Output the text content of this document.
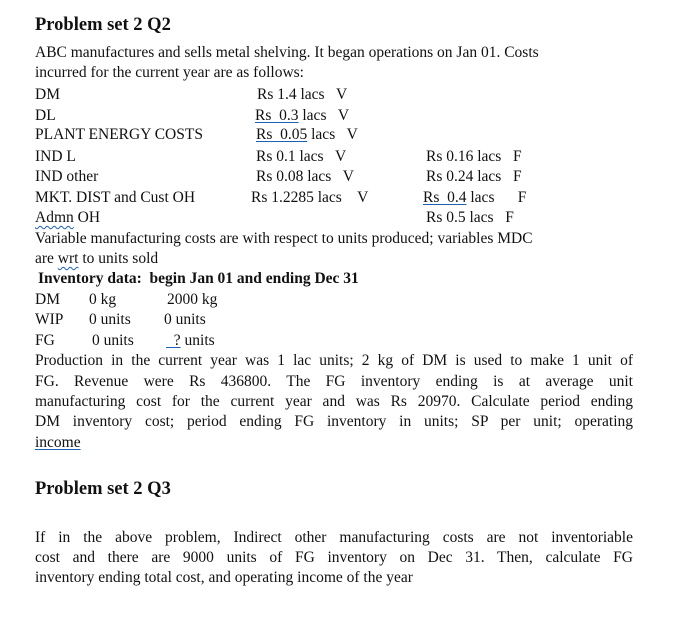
Problem set 2 Q2
ABC manufactures and sells metal shelving. It began operations on Jan 01. Costs
incurred for the current year are as follows:
DM	Rs 1.4 lacs   V
DL	Rs  0.3 lacs   V
PLANT ENERGY COSTS	Rs  0.05 lacs   V
IND L	Rs 0.1 lacs   V	Rs 0.16 lacs   F
IND other	Rs 0.08 lacs   V	Rs 0.24 lacs   F
MKT. DIST and Cust OH	Rs 1.2285 lacs    V	Rs  0.4 lacs      F
Admn OH	Rs 0.5 lacs   F
Variable manufacturing costs are with respect to units produced; variables MDC
are wrt to units sold
Inventory data:  begin Jan 01 and ending Dec 31
DM 0 kg	2000 kg
WIP 0 units 0 units
FG 0 units ? units
Production in the current year was 1 lac units; 2 kg of DM is used to make 1 unit of
FG. Revenue were Rs 436800. The FG inventory ending is at average unit
manufacturing cost for the current year and was Rs 20970. Calculate period ending
DM inventory cost; period ending FG inventory in units; SP per unit; operating
income
Problem set 2 Q3
If in the above problem, Indirect other manufacturing costs are not inventoriable
cost and there are 9000 units of FG inventory on Dec 31. Then, calculate FG
inventory ending total cost, and operating income of the year
